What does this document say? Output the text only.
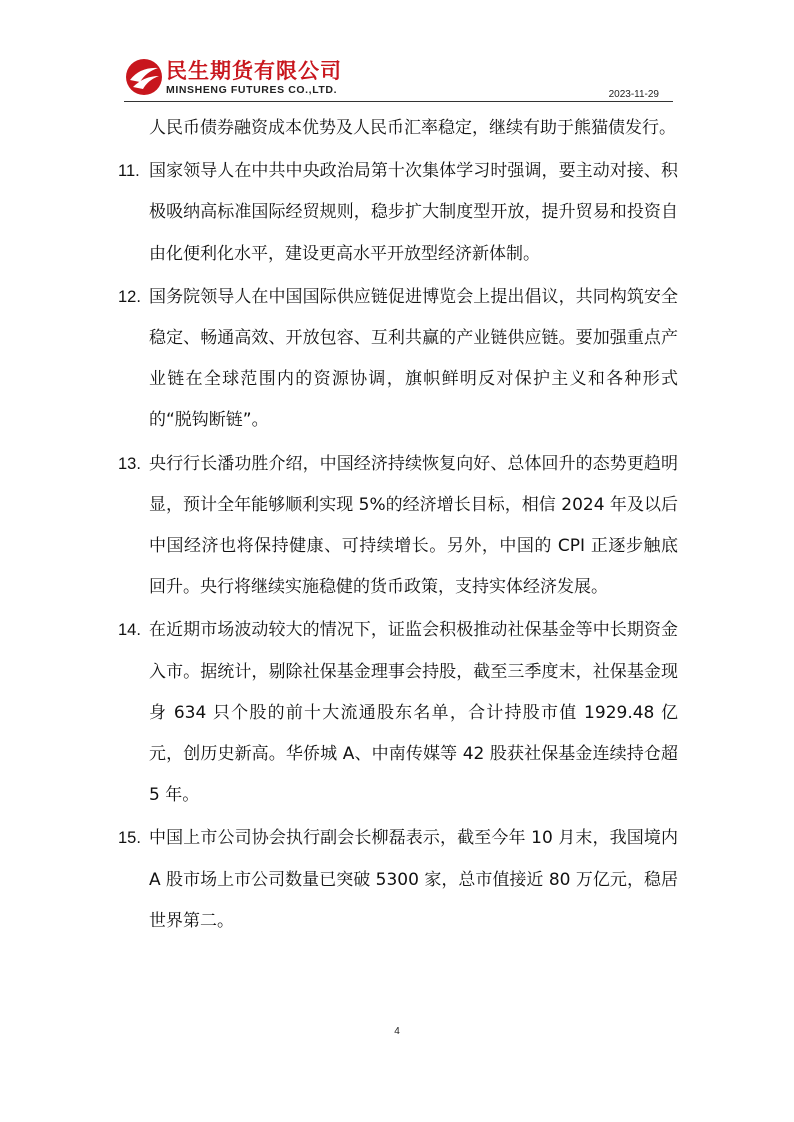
民生期货有限公司
MINSHENG FUTURES CO.,LTD.	2023-11-29
人民币债券融资成本优势及人民币汇率稳定，继续有助于熊猫债发行。
11. 国家领导人在中共中央政治局第十次集体学习时强调，要主动对接、积极吸纳高标准国际经贸规则，稳步扩大制度型开放，提升贸易和投资自由化便利化水平，建设更高水平开放型经济新体制。
12. 国务院领导人在中国国际供应链促进博览会上提出倡议，共同构筑安全稳定、畅通高效、开放包容、互利共赢的产业链供应链。要加强重点产业链在全球范围内的资源协调，旗帜鲜明反对保护主义和各种形式的“脱钩断链”。
13. 央行行长潘功胜介绍，中国经济持续恢复向好、总体回升的态势更趋明显，预计全年能够顺利实现 5%的经济增长目标，相信 2024 年及以后中国经济也将保持健康、可持续增长。另外，中国的 CPI 正逐步触底回升。央行将继续实施稳健的货币政策，支持实体经济发展。
14. 在近期市场波动较大的情况下，证监会积极推动社保基金等中长期资金入市。据统计，剔除社保基金理事会持股，截至三季度末，社保基金现身 634 只个股的前十大流通股东名单，合计持股市值 1929.48 亿元，创历史新高。华侨城 A、中南传媒等 42 股获社保基金连续持仓超 5 年。
15. 中国上市公司协会执行副会长柳磊表示，截至今年 10 月末，我国境内 A 股市场上市公司数量已突破 5300 家，总市值接近 80 万亿元，稳居世界第二。
4
